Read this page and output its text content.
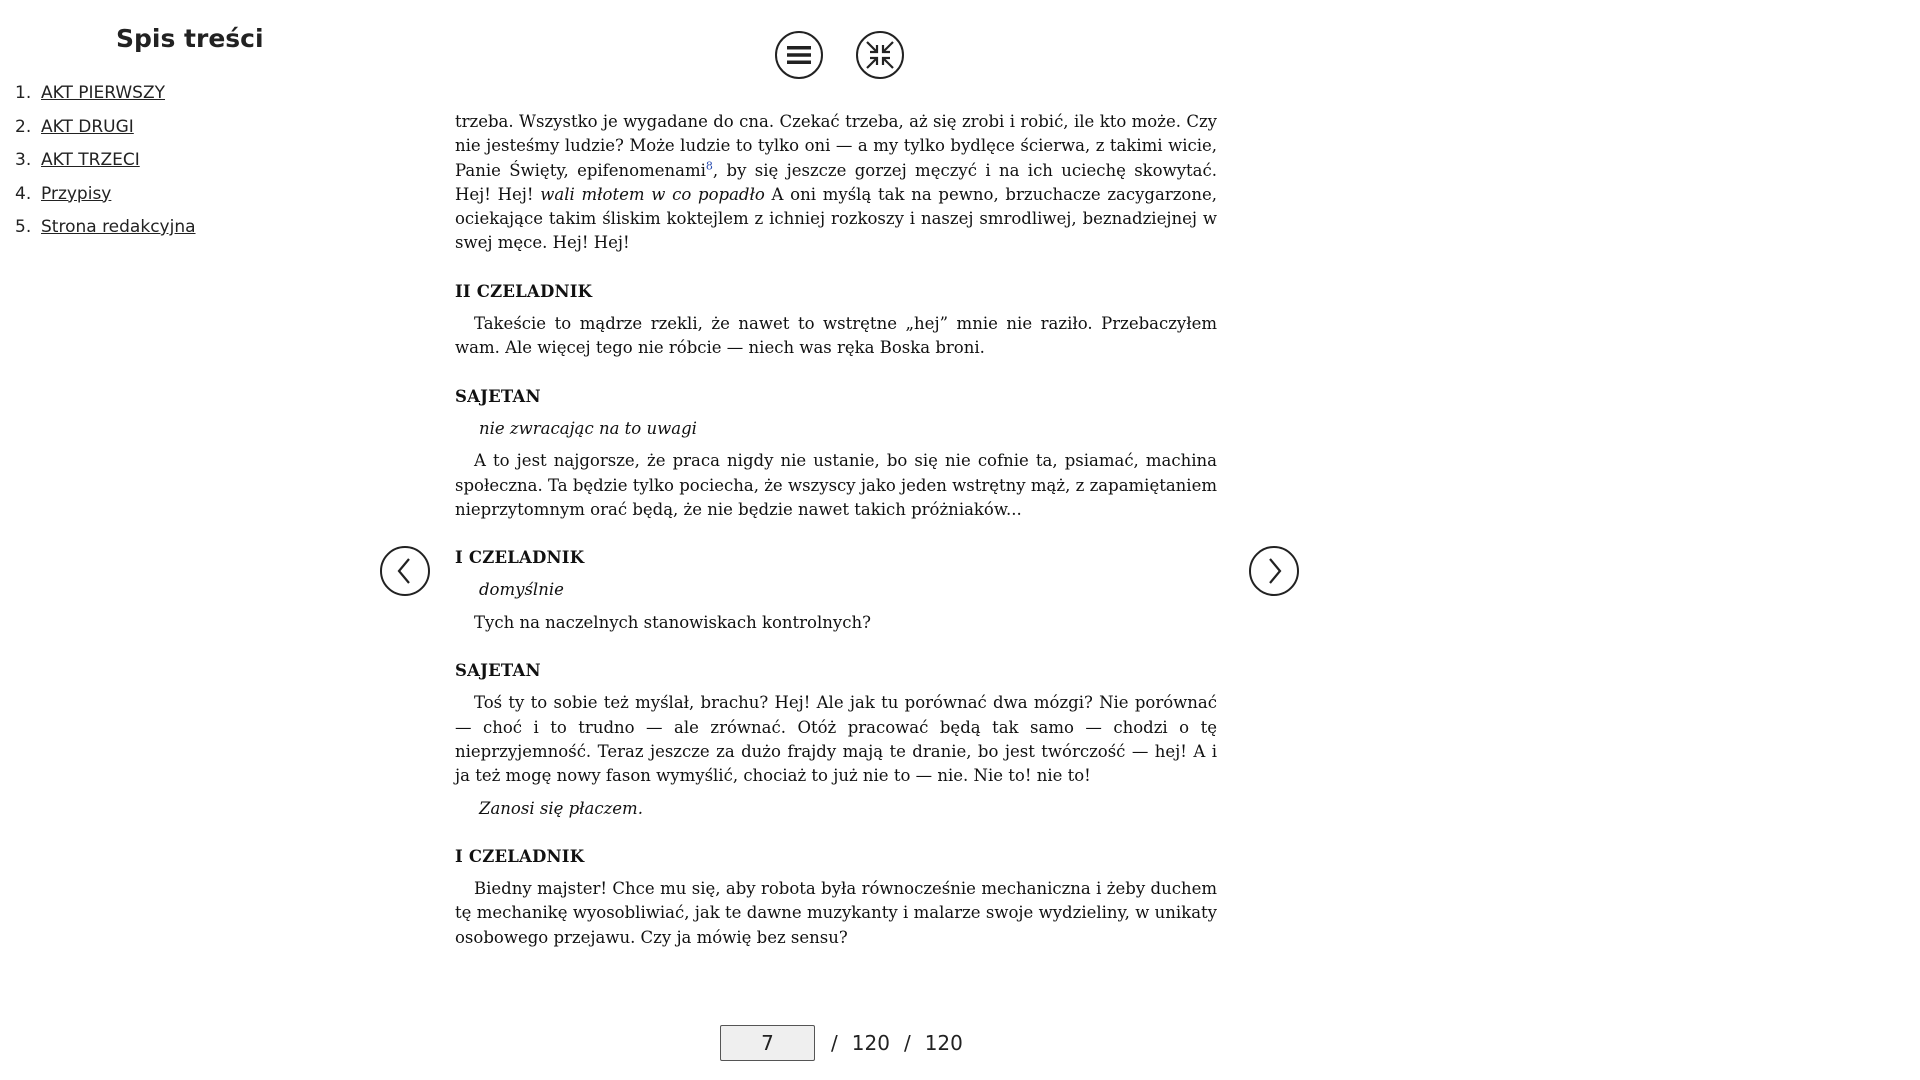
Spis treści
1. AKT PIERWSZY
2. AKT DRUGI
3. AKT TRZECI
4. Przypisy
5. Strona redakcyjna

trzeba. Wszystko je wygadane do cna. Czekać trzeba, aż się zrobi i robić, ile kto może. Czy nie jesteśmy ludzie? Może ludzie to tylko oni — a my tylko bydlęce ścierwa, z takimi wicie, Panie Święty, epifenomenami$^8$, by się jeszcze gorzej męczyć i na ich uciechę skowytać. Hej! Hej! wali młotem w co popadło A oni myślą tak na pewno, brzuchacze zacygarzone, ociekające takim śliskim koktejlem z ichniej rozkoszy i naszej smrodliwej, beznadziejnej w swej męce. Hej! Hej!

II CZELADNIK

Takeście to mądrze rzekli, że nawet to wstrętne „hej” mnie nie raziło. Przebaczyłem wam. Ale więcej tego nie róbcie — niech was ręka Boska broni.

SAJETAN

nie zwracając na to uwagi

A to jest najgorsze, że praca nigdy nie ustanie, bo się nie cofnie ta, psiamać, machina społeczna. Ta będzie tylko pociecha, że wszyscy jako jeden wstrętny mąż, z zapamiętaniem nieprzytomnym orać będą, że nie będzie nawet takich próżniaków...

I CZELADNIK

domyślnie

Tych na naczelnych stanowiskach kontrolnych?

SAJETAN

Toś ty to sobie też myślał, brachu? Hej! Ale jak tu porównać dwa mózgi? Nie porównać — choć i to trudno — ale zrównać. Otóż pracować będą tak samo — chodzi o tę nieprzyjemność. Teraz jeszcze za dużo frajdy mają te dranie, bo jest twórczość — hej! A i ja też mogę nowy fason wymyślić, chociaż to już nie to — nie. Nie to! nie to!

Zanosi się płaczem.

I CZELADNIK

Biedny majster! Chce mu się, aby robota była równocześnie mechaniczna i żeby duchem tę mechanikę wyosobliwiać, jak te dawne muzykanty i malarze swoje wydzieliny, w unikaty osobowego przejawu. Czy ja mówię bez sensu?

7
/ 120 / 120
